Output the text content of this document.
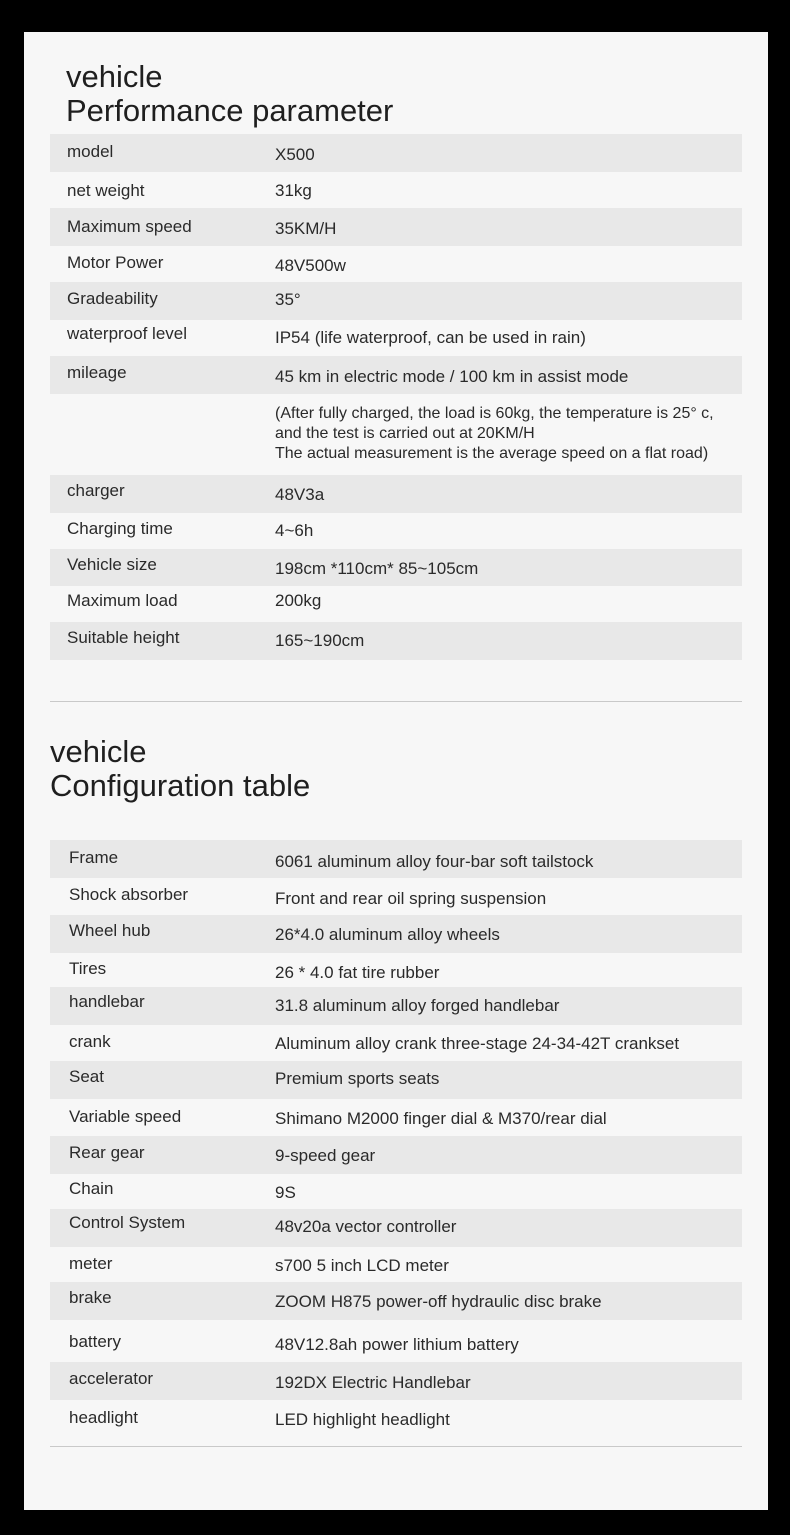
vehicle
Performance parameter
model	X500
net weight	31kg
Maximum speed	35KM/H
Motor Power	48V500w
Gradeability	35°
waterproof level	IP54 (life waterproof, can be used in rain)
mileage	45 km in electric mode / 100 km in assist mode
(After fully charged, the load is 60kg, the temperature is 25° c,
and the test is carried out at 20KM/H
The actual measurement is the average speed on a flat road)
charger	48V3a
Charging time	4~6h
Vehicle size	198cm *110cm* 85~105cm
Maximum load	200kg
Suitable height	165~190cm
vehicle
Configuration table
Frame	6061 aluminum alloy four-bar soft tailstock
Shock absorber	Front and rear oil spring suspension
Wheel hub	26*4.0 aluminum alloy wheels
Tires	26 * 4.0 fat tire rubber
handlebar	31.8 aluminum alloy forged handlebar
crank	Aluminum alloy crank three-stage 24-34-42T crankset
Seat	Premium sports seats
Variable speed	Shimano M2000 finger dial & M370/rear dial
Rear gear	9-speed gear
Chain	9S
Control System	48v20a vector controller
meter	s700 5 inch LCD meter
brake	ZOOM H875 power-off hydraulic disc brake
battery	48V12.8ah power lithium battery
accelerator	192DX Electric Handlebar
headlight	LED highlight headlight
